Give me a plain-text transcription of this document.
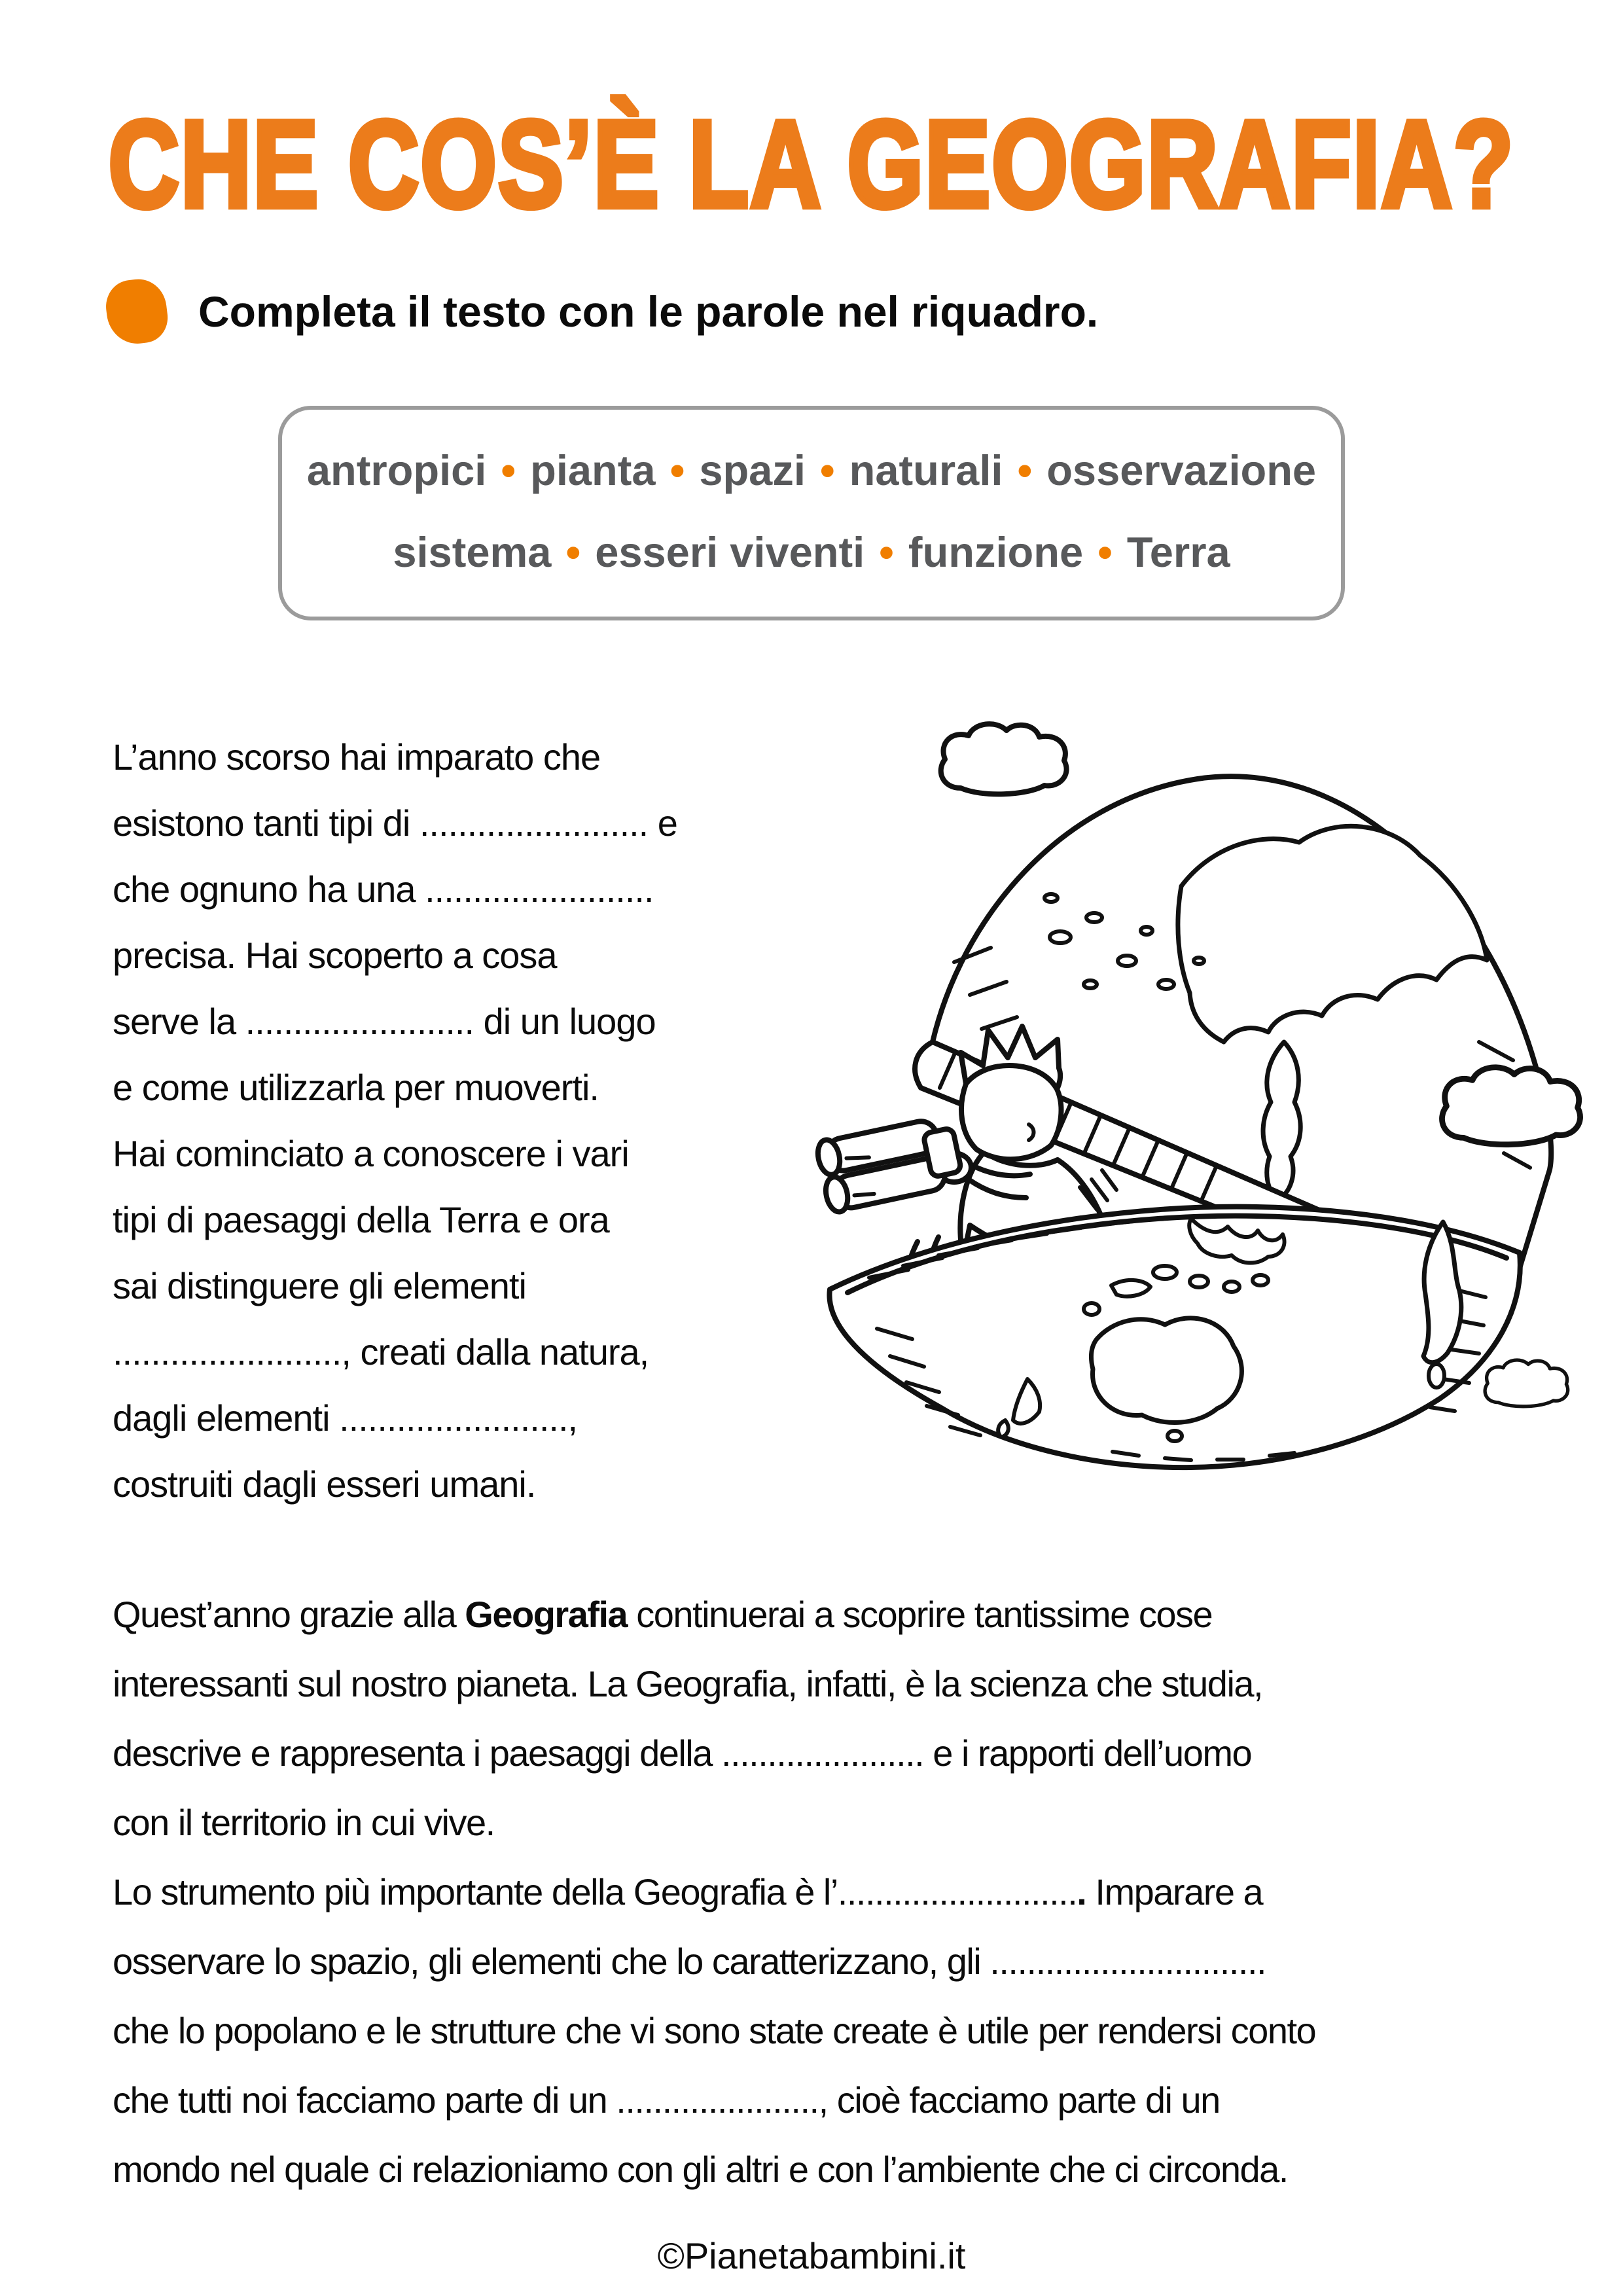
CHE COS’È LA GEOGRAFIA?
Completa il testo con le parole nel riquadro.
antropici • pianta • spazi • naturali • osservazione
sistema • esseri viventi • funzione • Terra
L’anno scorso hai imparato che
esistono tanti tipi di ........................ e
che ognuno ha una ........................
precisa. Hai scoperto a cosa
serve la ........................ di un luogo
e come utilizzarla per muoverti.
Hai cominciato a conoscere i vari
tipi di paesaggi della Terra e ora
sai distinguere gli elementi
........................, creati dalla natura,
dagli elementi ........................,
costruiti dagli esseri umani.
Quest’anno grazie alla Geografia continuerai a scoprire tantissime cose
interessanti sul nostro pianeta. La Geografia, infatti, è la scienza che studia,
descrive e rappresenta i paesaggi della ...................... e i rapporti dell’uomo
con il territorio in cui vive.
Lo strumento più importante della Geografia è l’........................... Imparare a
osservare lo spazio, gli elementi che lo caratterizzano, gli ..............................
che lo popolano e le strutture che vi sono state create è utile per rendersi conto
che tutti noi facciamo parte di un ......................, cioè facciamo parte di un
mondo nel quale ci relazioniamo con gli altri e con l’ambiente che ci circonda.
©Pianetabambini.it
